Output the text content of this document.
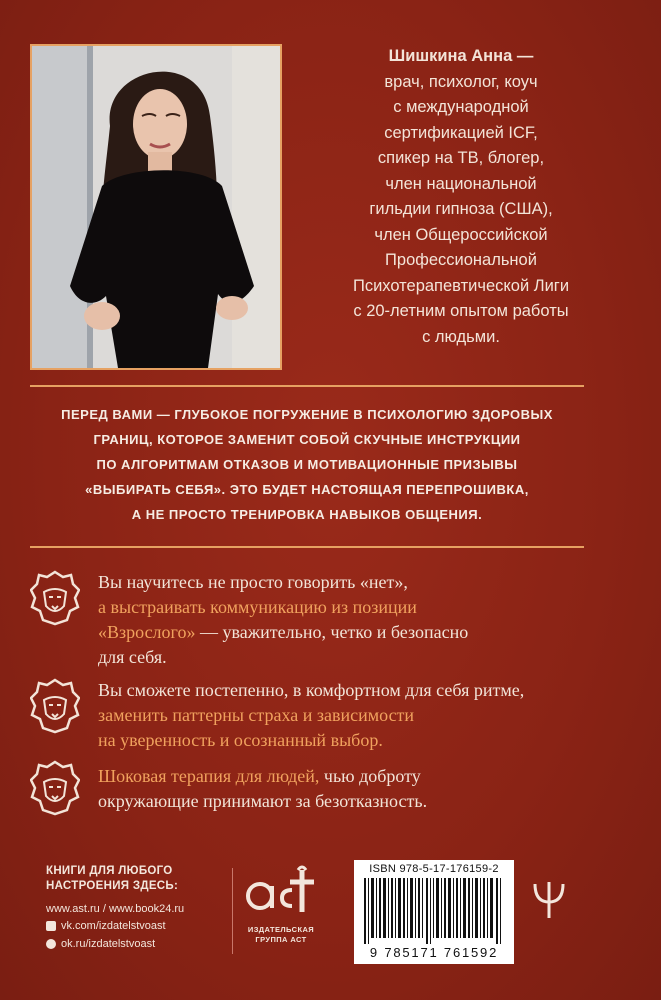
Шишкина Анна —
врач, психолог, коуч
с международной
сертификацией ICF,
спикер на ТВ, блогер,
член национальной
гильдии гипноза (США),
член Общероссийской
Профессиональной
Психотерапевтической Лиги
с 20-летним опытом работы
с людьми.
ПЕРЕД ВАМИ — ГЛУБОКОЕ ПОГРУЖЕНИЕ В ПСИХОЛОГИЮ ЗДОРОВЫХ
ГРАНИЦ, КОТОРОЕ ЗАМЕНИТ СОБОЙ СКУЧНЫЕ ИНСТРУКЦИИ
ПО АЛГОРИТМАМ ОТКАЗОВ И МОТИВАЦИОННЫЕ ПРИЗЫВЫ
«ВЫБИРАТЬ СЕБЯ». ЭТО БУДЕТ НАСТОЯЩАЯ ПЕРЕПРОШИВКА,
А НЕ ПРОСТО ТРЕНИРОВКА НАВЫКОВ ОБЩЕНИЯ.
Вы научитесь не просто говорить «нет»,
а выстраивать коммуникацию из позиции
«Взрослого» — уважительно, четко и безопасно
для себя.
Вы сможете постепенно, в комфортном для себя ритме,
заменить паттерны страха и зависимости
на уверенность и осознанный выбор.
Шоковая терапия для людей, чью доброту
окружающие принимают за безотказность.
КНИГИ ДЛЯ ЛЮБОГО
НАСТРОЕНИЯ ЗДЕСЬ:
www.ast.ru / www.book24.ru
vk.com/izdatelstvoast
ok.ru/izdatelstvoast
ИЗДАТЕЛЬСКАЯ
ГРУППА АСТ
ISBN 978-5-17-176159-2
9 785171 761592
